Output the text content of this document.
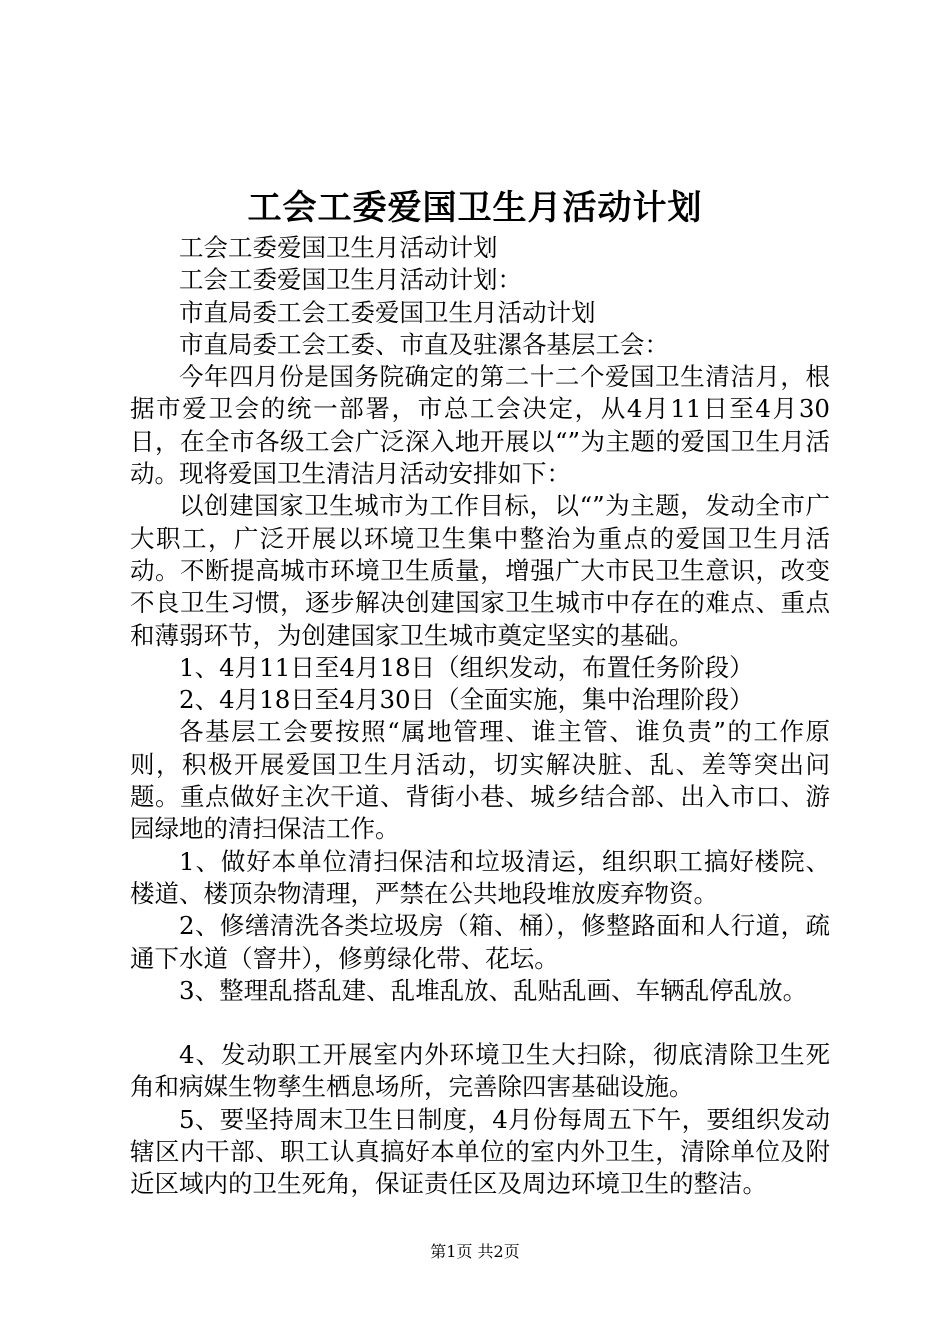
工会工委爱国卫生月活动计划

工会工委爱国卫生月活动计划

工会工委爱国卫生月活动计划：

市直局委工会工委爱国卫生月活动计划

市直局委工会工委、市直及驻漯各基层工会：

今年四月份是国务院确定的第二十二个爱国卫生清洁月，根据市爱卫会的统一部署，市总工会决定，从4月11日至4月30日，在全市各级工会广泛深入地开展以“”为主题的爱国卫生月活动。现将爱国卫生清洁月活动安排如下：

以创建国家卫生城市为工作目标，以“”为主题，发动全市广大职工，广泛开展以环境卫生集中整治为重点的爱国卫生月活动。不断提高城市环境卫生质量，增强广大市民卫生意识，改变不良卫生习惯，逐步解决创建国家卫生城市中存在的难点、重点和薄弱环节，为创建国家卫生城市奠定坚实的基础。

1、4月11日至4月18日（组织发动，布置任务阶段）

2、4月18日至4月30日（全面实施，集中治理阶段）

各基层工会要按照“属地管理、谁主管、谁负责”的工作原则，积极开展爱国卫生月活动，切实解决脏、乱、差等突出问题。重点做好主次干道、背街小巷、城乡结合部、出入市口、游园绿地的清扫保洁工作。

1、做好本单位清扫保洁和垃圾清运，组织职工搞好楼院、楼道、楼顶杂物清理，严禁在公共地段堆放废弃物资。

2、修缮清洗各类垃圾房（箱、桶），修整路面和人行道，疏通下水道（窨井），修剪绿化带、花坛。

3、整理乱搭乱建、乱堆乱放、乱贴乱画、车辆乱停乱放。

4、发动职工开展室内外环境卫生大扫除，彻底清除卫生死角和病媒生物孳生栖息场所，完善除四害基础设施。

5、要坚持周末卫生日制度，4月份每周五下午，要组织发动辖区内干部、职工认真搞好本单位的室内外卫生，清除单位及附近区域内的卫生死角，保证责任区及周边环境卫生的整洁。

第1页 共2页
